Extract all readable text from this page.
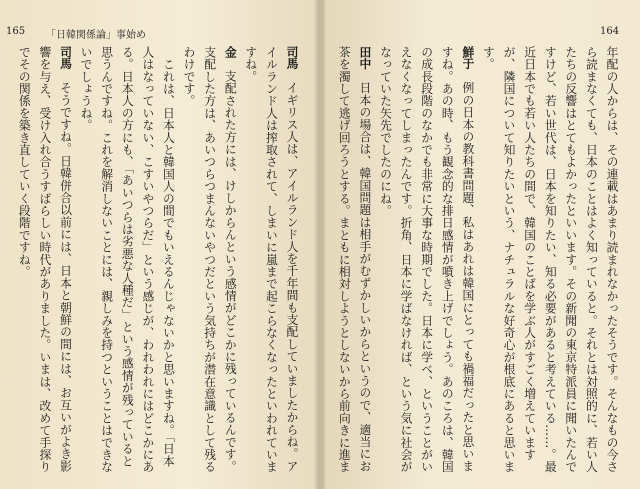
165 「日韓関係論」事始め

司馬　イギリス人は、アイルランド人を千年間も支配していましたからね。アイルランド人は搾取されて、しまいに嵐まで起こらなくなったといわれていますね。

金　支配された方には、けしからんという感情がどこかに残っているんです。支配した方は、あいつらつまんないやつだという気持ちが潜在意識として残るわけです。

　これは、日本人と韓国人の間でもいえるんじゃないかと思いますね。「日本人はなっていない、こすいやつらだ」という感じが、われわれにはどこかにある。日本人の方にも、「あいつらは劣悪な人種だ」という感情が残っていると思うんですね。これを解消しないことには、親しみを持つということはできないでしょうね。

司馬　そうですね。日韓併合以前には、日本と朝鮮の間には、お互いがよき影響を与え、受け入れ合うすばらしい時代がありました。いまは、改めて手探りでその関係を築き直していく段階ですね。

164

年配の人からは、その連載はあまり読まれなかったそうです。そんなもの今さら読まなくても、日本のことはよく知っていると。それとは対照的に、若い人たちの反響はとてもよかったといいます。その新聞の東京特派員に聞いたんですけど、若い世代は、日本を知りたい、知る必要があると考えている……。最近日本でも若い人たちの間で、韓国のことばを学ぶ人がすごく増えていますが、隣国について知りたいという、ナチュラルな好奇心が根底にあると思います。

鮮于　例の日本の教科書問題、私はあれは韓国にとっても禍福だったと思いますね。あの時、もう観念的な排日感情が噴き上げでしょう。あのころは、韓国の成長段階のなかでも非常に大事な時期でした。日本に学べ、ということがいえなくなってしまったんです。折角、日本に学ばなければ、という気に社会がなっていた矢先でしたのにね。

田中　日本の場合は、韓国問題は相手がむずかしいからというので、適当にお茶を濁して逃げ回ろうとする。まともに相対しようとしないから前向きに進ま
